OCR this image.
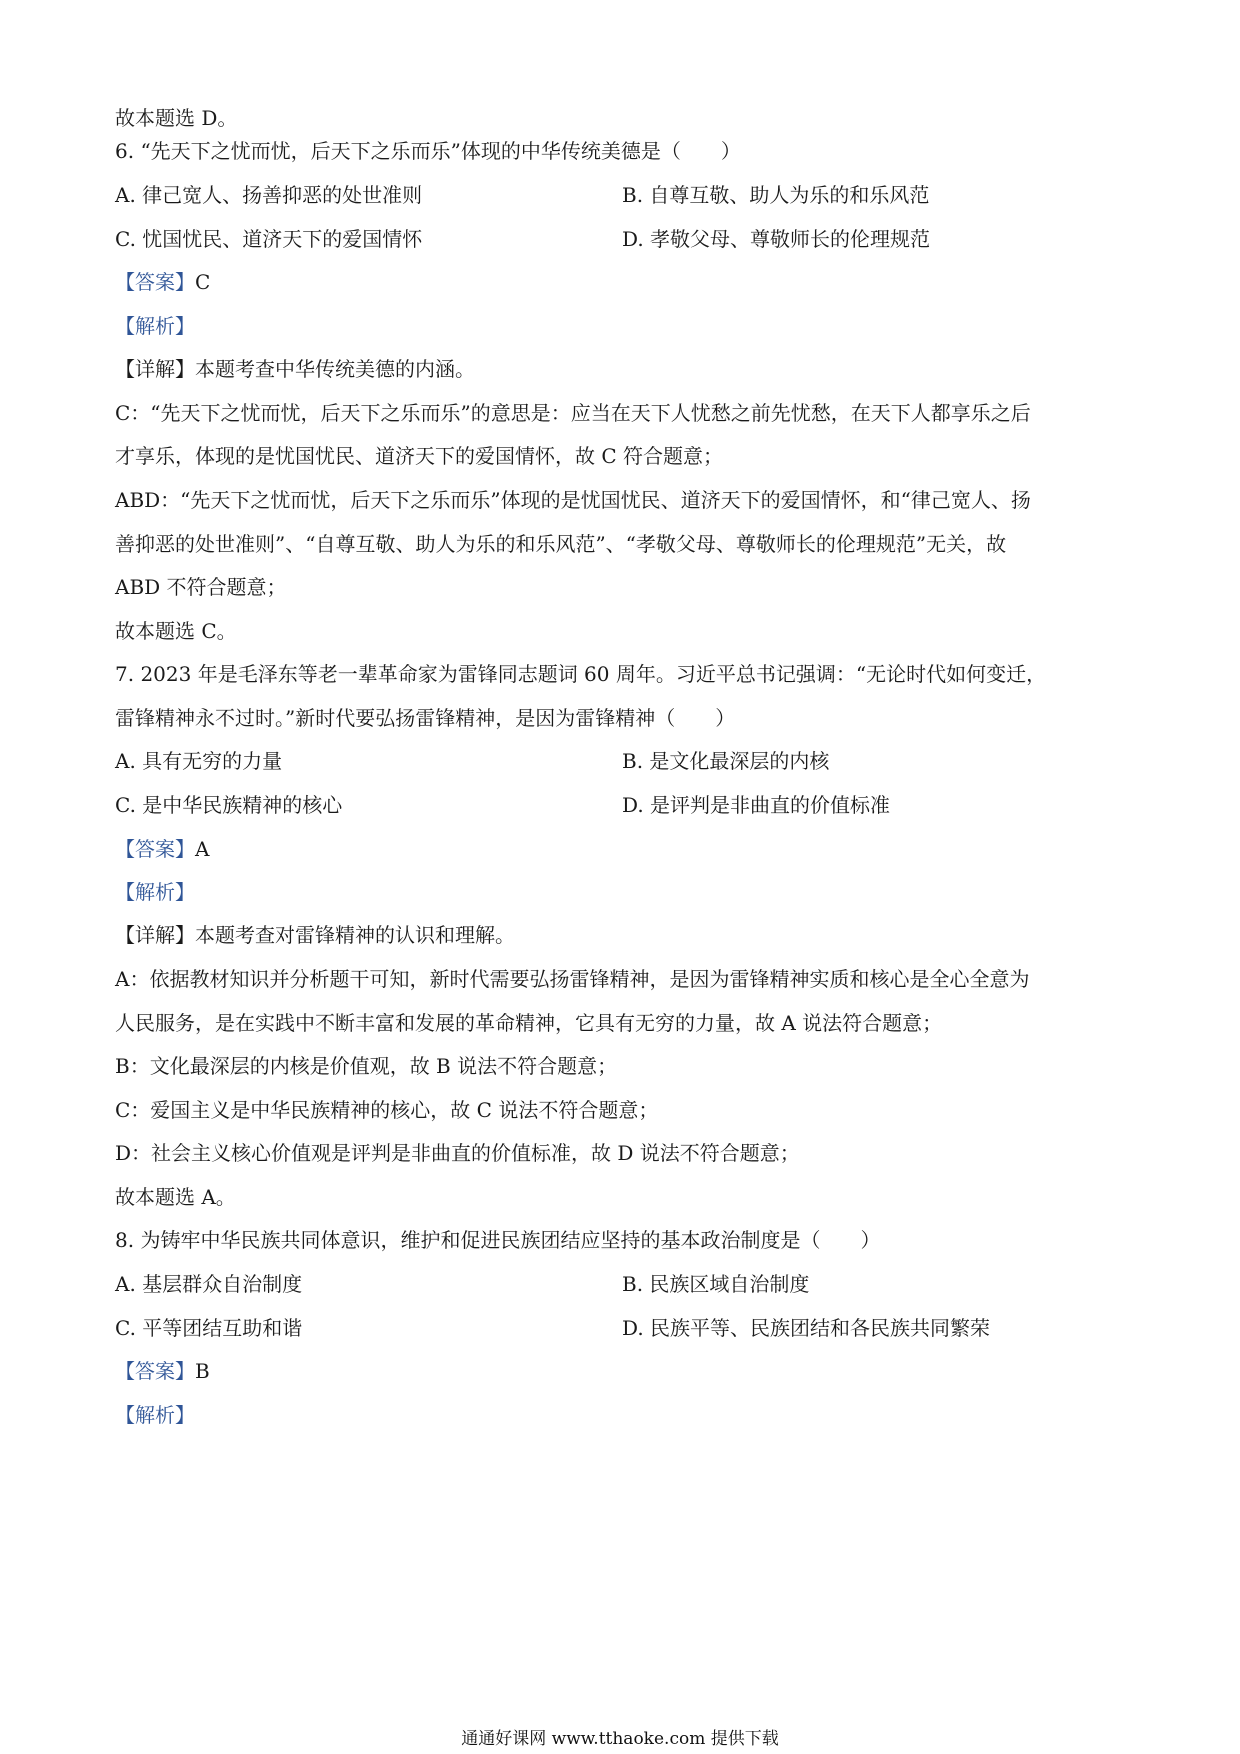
故本题选 D。
6. “先天下之忧而忧，后天下之乐而乐”体现的中华传统美德是（　　）
A. 律己宽人、扬善抑恶的处世准则	B. 自尊互敬、助人为乐的和乐风范
C. 忧国忧民、道济天下的爱国情怀	D. 孝敬父母、尊敬师长的伦理规范
【答案】C
【解析】
【详解】本题考查中华传统美德的内涵。
C：“先天下之忧而忧，后天下之乐而乐”的意思是：应当在天下人忧愁之前先忧愁，在天下人都享乐之后
才享乐，体现的是忧国忧民、道济天下的爱国情怀，故 C 符合题意；
ABD：“先天下之忧而忧，后天下之乐而乐”体现的是忧国忧民、道济天下的爱国情怀，和“律己宽人、扬
善抑恶的处世准则”、“自尊互敬、助人为乐的和乐风范”、“孝敬父母、尊敬师长的伦理规范”无关，故
ABD 不符合题意；
故本题选 C。
7. 2023 年是毛泽东等老一辈革命家为雷锋同志题词 60 周年。习近平总书记强调：“无论时代如何变迁，
雷锋精神永不过时。”新时代要弘扬雷锋精神，是因为雷锋精神（　　）
A. 具有无穷的力量	B. 是文化最深层的内核
C. 是中华民族精神的核心	D. 是评判是非曲直的价值标准
【答案】A
【解析】
【详解】本题考查对雷锋精神的认识和理解。
A：依据教材知识并分析题干可知，新时代需要弘扬雷锋精神，是因为雷锋精神实质和核心是全心全意为
人民服务，是在实践中不断丰富和发展的革命精神，它具有无穷的力量，故 A 说法符合题意；
B：文化最深层的内核是价值观，故 B 说法不符合题意；
C：爱国主义是中华民族精神的核心，故 C 说法不符合题意；
D：社会主义核心价值观是评判是非曲直的价值标准，故 D 说法不符合题意；
故本题选 A。
8. 为铸牢中华民族共同体意识，维护和促进民族团结应坚持的基本政治制度是（　　）
A. 基层群众自治制度	B. 民族区域自治制度
C. 平等团结互助和谐	D. 民族平等、民族团结和各民族共同繁荣
【答案】B
【解析】
通通好课网 www.tthaoke.com 提供下载
